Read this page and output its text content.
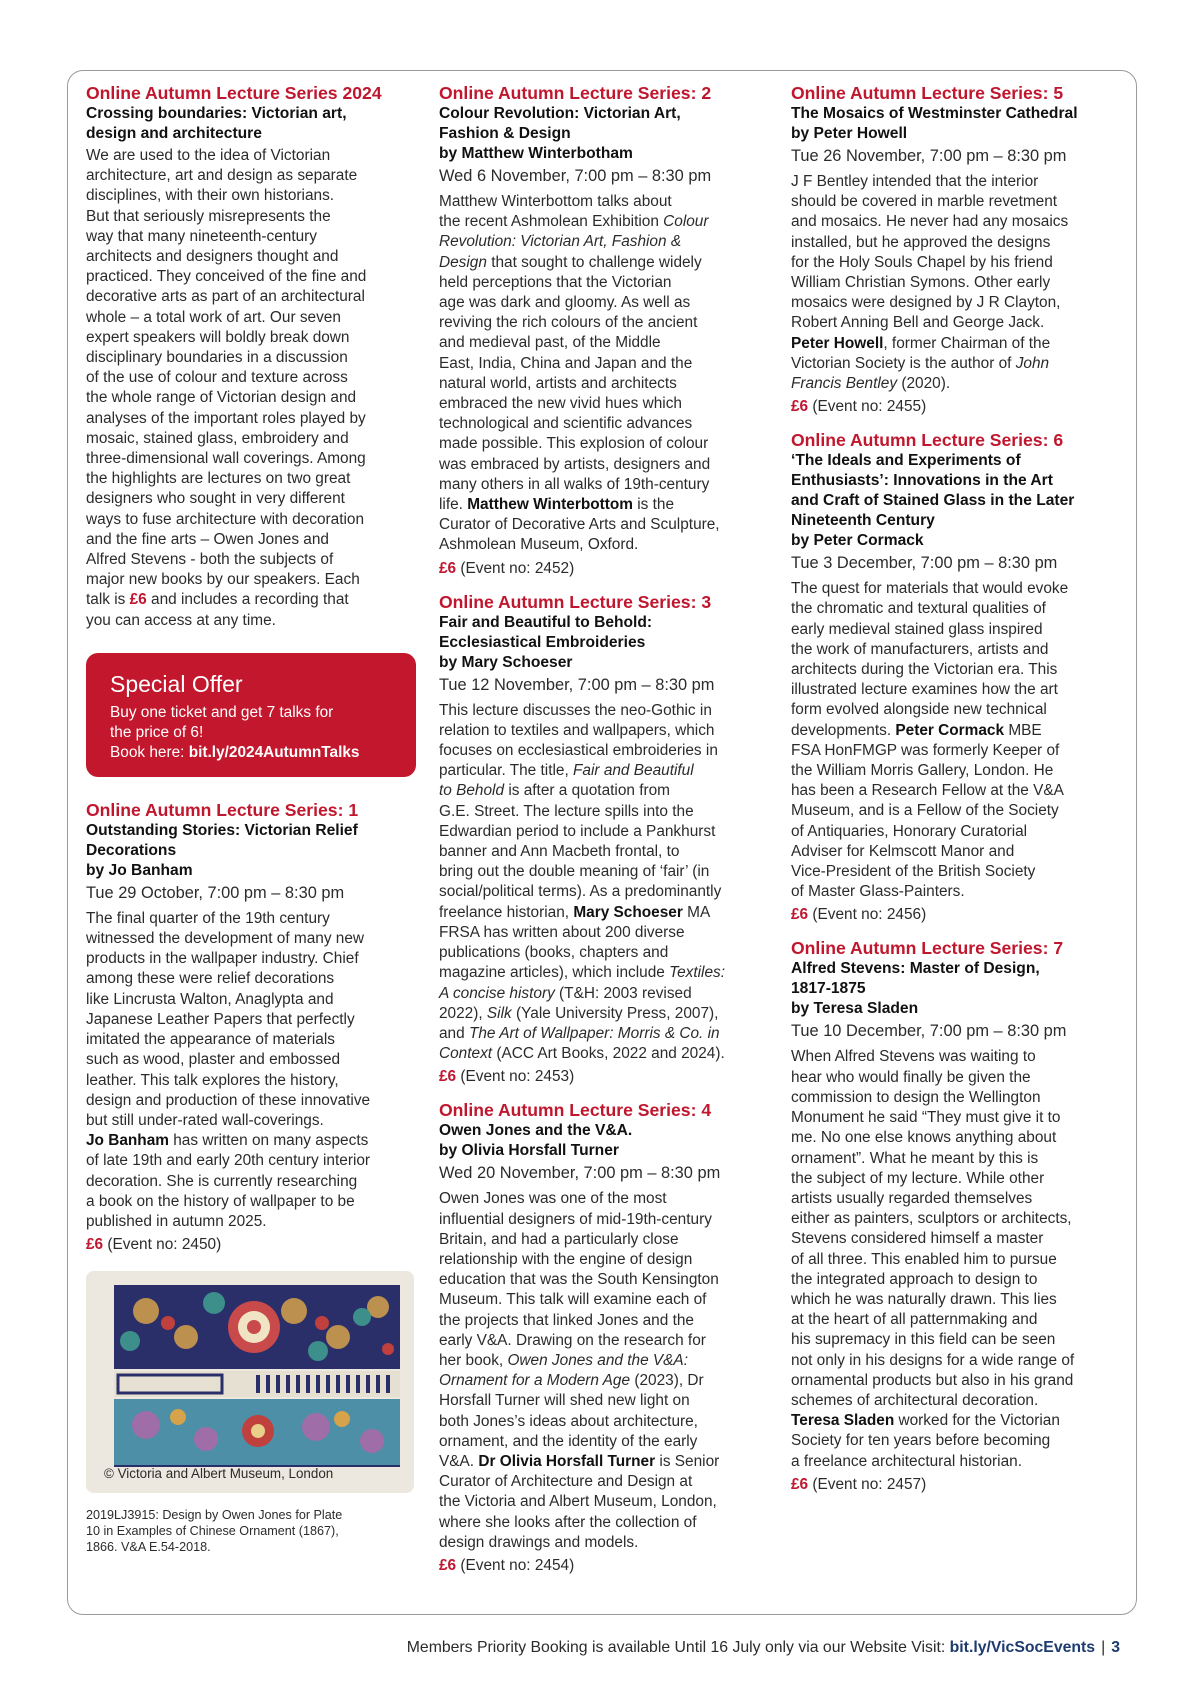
Online Autumn Lecture Series 2024

Crossing boundaries: Victorian art,
design and architecture

We are used to the idea of Victorian
architecture, art and design as separate
disciplines, with their own historians.
But that seriously misrepresents the
way that many nineteenth-century
architects and designers thought and
practiced. They conceived of the fine and
decorative arts as part of an architectural
whole – a total work of art. Our seven
expert speakers will boldly break down
disciplinary boundaries in a discussion
of the use of colour and texture across
the whole range of Victorian design and
analyses of the important roles played by
mosaic, stained glass, embroidery and
three-dimensional wall coverings. Among
the highlights are lectures on two great
designers who sought in very different
ways to fuse architecture with decoration
and the fine arts – Owen Jones and
Alfred Stevens - both the subjects of
major new books by our speakers. Each
talk is £6 and includes a recording that
you can access at any time.

Special Offer

Buy one ticket and get 7 talks for
the price of 6!
Book here: bit.ly/2024AutumnTalks

Online Autumn Lecture Series: 1

Outstanding Stories: Victorian Relief
Decorations
by Jo Banham

Tue 29 October, 7:00 pm – 8:30 pm

The final quarter of the 19th century
witnessed the development of many new
products in the wallpaper industry. Chief
among these were relief decorations
like Lincrusta Walton, Anaglypta and
Japanese Leather Papers that perfectly
imitated the appearance of materials
such as wood, plaster and embossed
leather. This talk explores the history,
design and production of these innovative
but still under-rated wall-coverings.
Jo Banham has written on many aspects
of late 19th and early 20th century interior
decoration. She is currently researching
a book on the history of wallpaper to be
published in autumn 2025.

£6 (Event no: 2450)

© Victoria and Albert Museum, London

2019LJ3915: Design by Owen Jones for Plate
10 in Examples of Chinese Ornament (1867),
1866. V&A E.54-2018.

Online Autumn Lecture Series: 2

Colour Revolution: Victorian Art,
Fashion & Design
by Matthew Winterbotham

Wed 6 November, 7:00 pm – 8:30 pm

Matthew Winterbottom talks about
the recent Ashmolean Exhibition Colour
Revolution: Victorian Art, Fashion &
Design that sought to challenge widely
held perceptions that the Victorian
age was dark and gloomy. As well as
reviving the rich colours of the ancient
and medieval past, of the Middle
East, India, China and Japan and the
natural world, artists and architects
embraced the new vivid hues which
technological and scientific advances
made possible. This explosion of colour
was embraced by artists, designers and
many others in all walks of 19th-century
life. Matthew Winterbottom is the
Curator of Decorative Arts and Sculpture,
Ashmolean Museum, Oxford.

£6 (Event no: 2452)

Online Autumn Lecture Series: 3

Fair and Beautiful to Behold:
Ecclesiastical Embroideries
by Mary Schoeser

Tue 12 November, 7:00 pm – 8:30 pm

This lecture discusses the neo-Gothic in
relation to textiles and wallpapers, which
focuses on ecclesiastical embroideries in
particular. The title, Fair and Beautiful
to Behold is after a quotation from
G.E. Street. The lecture spills into the
Edwardian period to include a Pankhurst
banner and Ann Macbeth frontal, to
bring out the double meaning of ‘fair’ (in
social/political terms). As a predominantly
freelance historian, Mary Schoeser MA
FRSA has written about 200 diverse
publications (books, chapters and
magazine articles), which include Textiles:
A concise history (T&H: 2003 revised
2022), Silk (Yale University Press, 2007),
and The Art of Wallpaper: Morris & Co. in
Context (ACC Art Books, 2022 and 2024).

£6 (Event no: 2453)

Online Autumn Lecture Series: 4

Owen Jones and the V&A.
by Olivia Horsfall Turner

Wed 20 November, 7:00 pm – 8:30 pm

Owen Jones was one of the most
influential designers of mid-19th-century
Britain, and had a particularly close
relationship with the engine of design
education that was the South Kensington
Museum. This talk will examine each of
the projects that linked Jones and the
early V&A. Drawing on the research for
her book, Owen Jones and the V&A:
Ornament for a Modern Age (2023), Dr
Horsfall Turner will shed new light on
both Jones’s ideas about architecture,
ornament, and the identity of the early
V&A. Dr Olivia Horsfall Turner is Senior
Curator of Architecture and Design at
the Victoria and Albert Museum, London,
where she looks after the collection of
design drawings and models.

£6 (Event no: 2454)

Online Autumn Lecture Series: 5

The Mosaics of Westminster Cathedral
by Peter Howell

Tue 26 November, 7:00 pm – 8:30 pm

J F Bentley intended that the interior
should be covered in marble revetment
and mosaics. He never had any mosaics
installed, but he approved the designs
for the Holy Souls Chapel by his friend
William Christian Symons. Other early
mosaics were designed by J R Clayton,
Robert Anning Bell and George Jack.
Peter Howell, former Chairman of the
Victorian Society is the author of John
Francis Bentley (2020).

£6 (Event no: 2455)

Online Autumn Lecture Series: 6

‘The Ideals and Experiments of
Enthusiasts’: Innovations in the Art
and Craft of Stained Glass in the Later
Nineteenth Century
by Peter Cormack

Tue 3 December, 7:00 pm – 8:30 pm

The quest for materials that would evoke
the chromatic and textural qualities of
early medieval stained glass inspired
the work of manufacturers, artists and
architects during the Victorian era. This
illustrated lecture examines how the art
form evolved alongside new technical
developments. Peter Cormack MBE
FSA HonFMGP was formerly Keeper of
the William Morris Gallery, London. He
has been a Research Fellow at the V&A
Museum, and is a Fellow of the Society
of Antiquaries, Honorary Curatorial
Adviser for Kelmscott Manor and
Vice-President of the British Society
of Master Glass-Painters.

£6 (Event no: 2456)

Online Autumn Lecture Series: 7

Alfred Stevens: Master of Design,
1817-1875
by Teresa Sladen

Tue 10 December, 7:00 pm – 8:30 pm

When Alfred Stevens was waiting to
hear who would finally be given the
commission to design the Wellington
Monument he said “They must give it to
me. No one else knows anything about
ornament”. What he meant by this is
the subject of my lecture. While other
artists usually regarded themselves
either as painters, sculptors or architects,
Stevens considered himself a master
of all three. This enabled him to pursue
the integrated approach to design to
which he was naturally drawn. This lies
at the heart of all patternmaking and
his supremacy in this field can be seen
not only in his designs for a wide range of
ornamental products but also in his grand
schemes of architectural decoration.
Teresa Sladen worked for the Victorian
Society for ten years before becoming
a freelance architectural historian.

£6 (Event no: 2457)

Members Priority Booking is available Until 16 July only via our Website Visit: bit.ly/VicSocEvents | 3
